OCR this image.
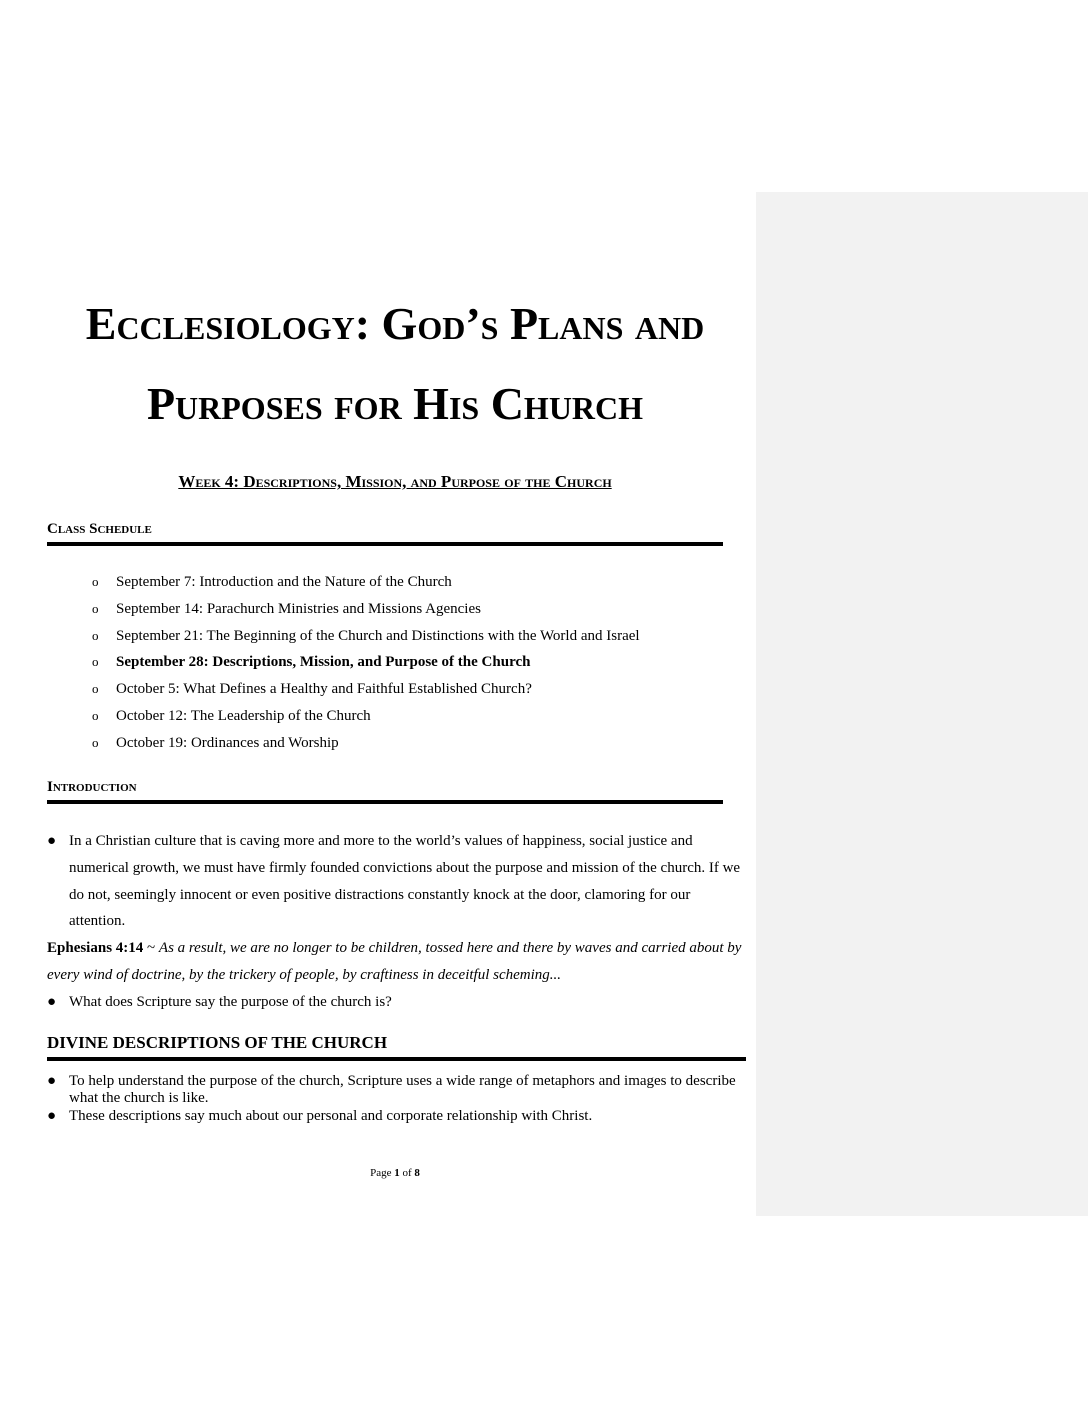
Ecclesiology: God’s Plans and
Purposes for His Church
Week 4: Descriptions, Mission, and Purpose of the Church
Class Schedule
o September 7: Introduction and the Nature of the Church
o September 14: Parachurch Ministries and Missions Agencies
o September 21: The Beginning of the Church and Distinctions with the World and Israel
o September 28: Descriptions, Mission, and Purpose of the Church
o October 5: What Defines a Healthy and Faithful Established Church?
o October 12: The Leadership of the Church
o October 19: Ordinances and Worship
Introduction
● In a Christian culture that is caving more and more to the world’s values of happiness, social justice and numerical growth, we must have firmly founded convictions about the purpose and mission of the church. If we do not, seemingly innocent or even positive distractions constantly knock at the door, clamoring for our attention.
Ephesians 4:14 ~ As a result, we are no longer to be children, tossed here and there by waves and carried about by every wind of doctrine, by the trickery of people, by craftiness in deceitful scheming...
● What does Scripture say the purpose of the church is?
DIVINE DESCRIPTIONS OF THE CHURCH
● To help understand the purpose of the church, Scripture uses a wide range of metaphors and images to describe what the church is like.
● These descriptions say much about our personal and corporate relationship with Christ.
Page 1 of 8
